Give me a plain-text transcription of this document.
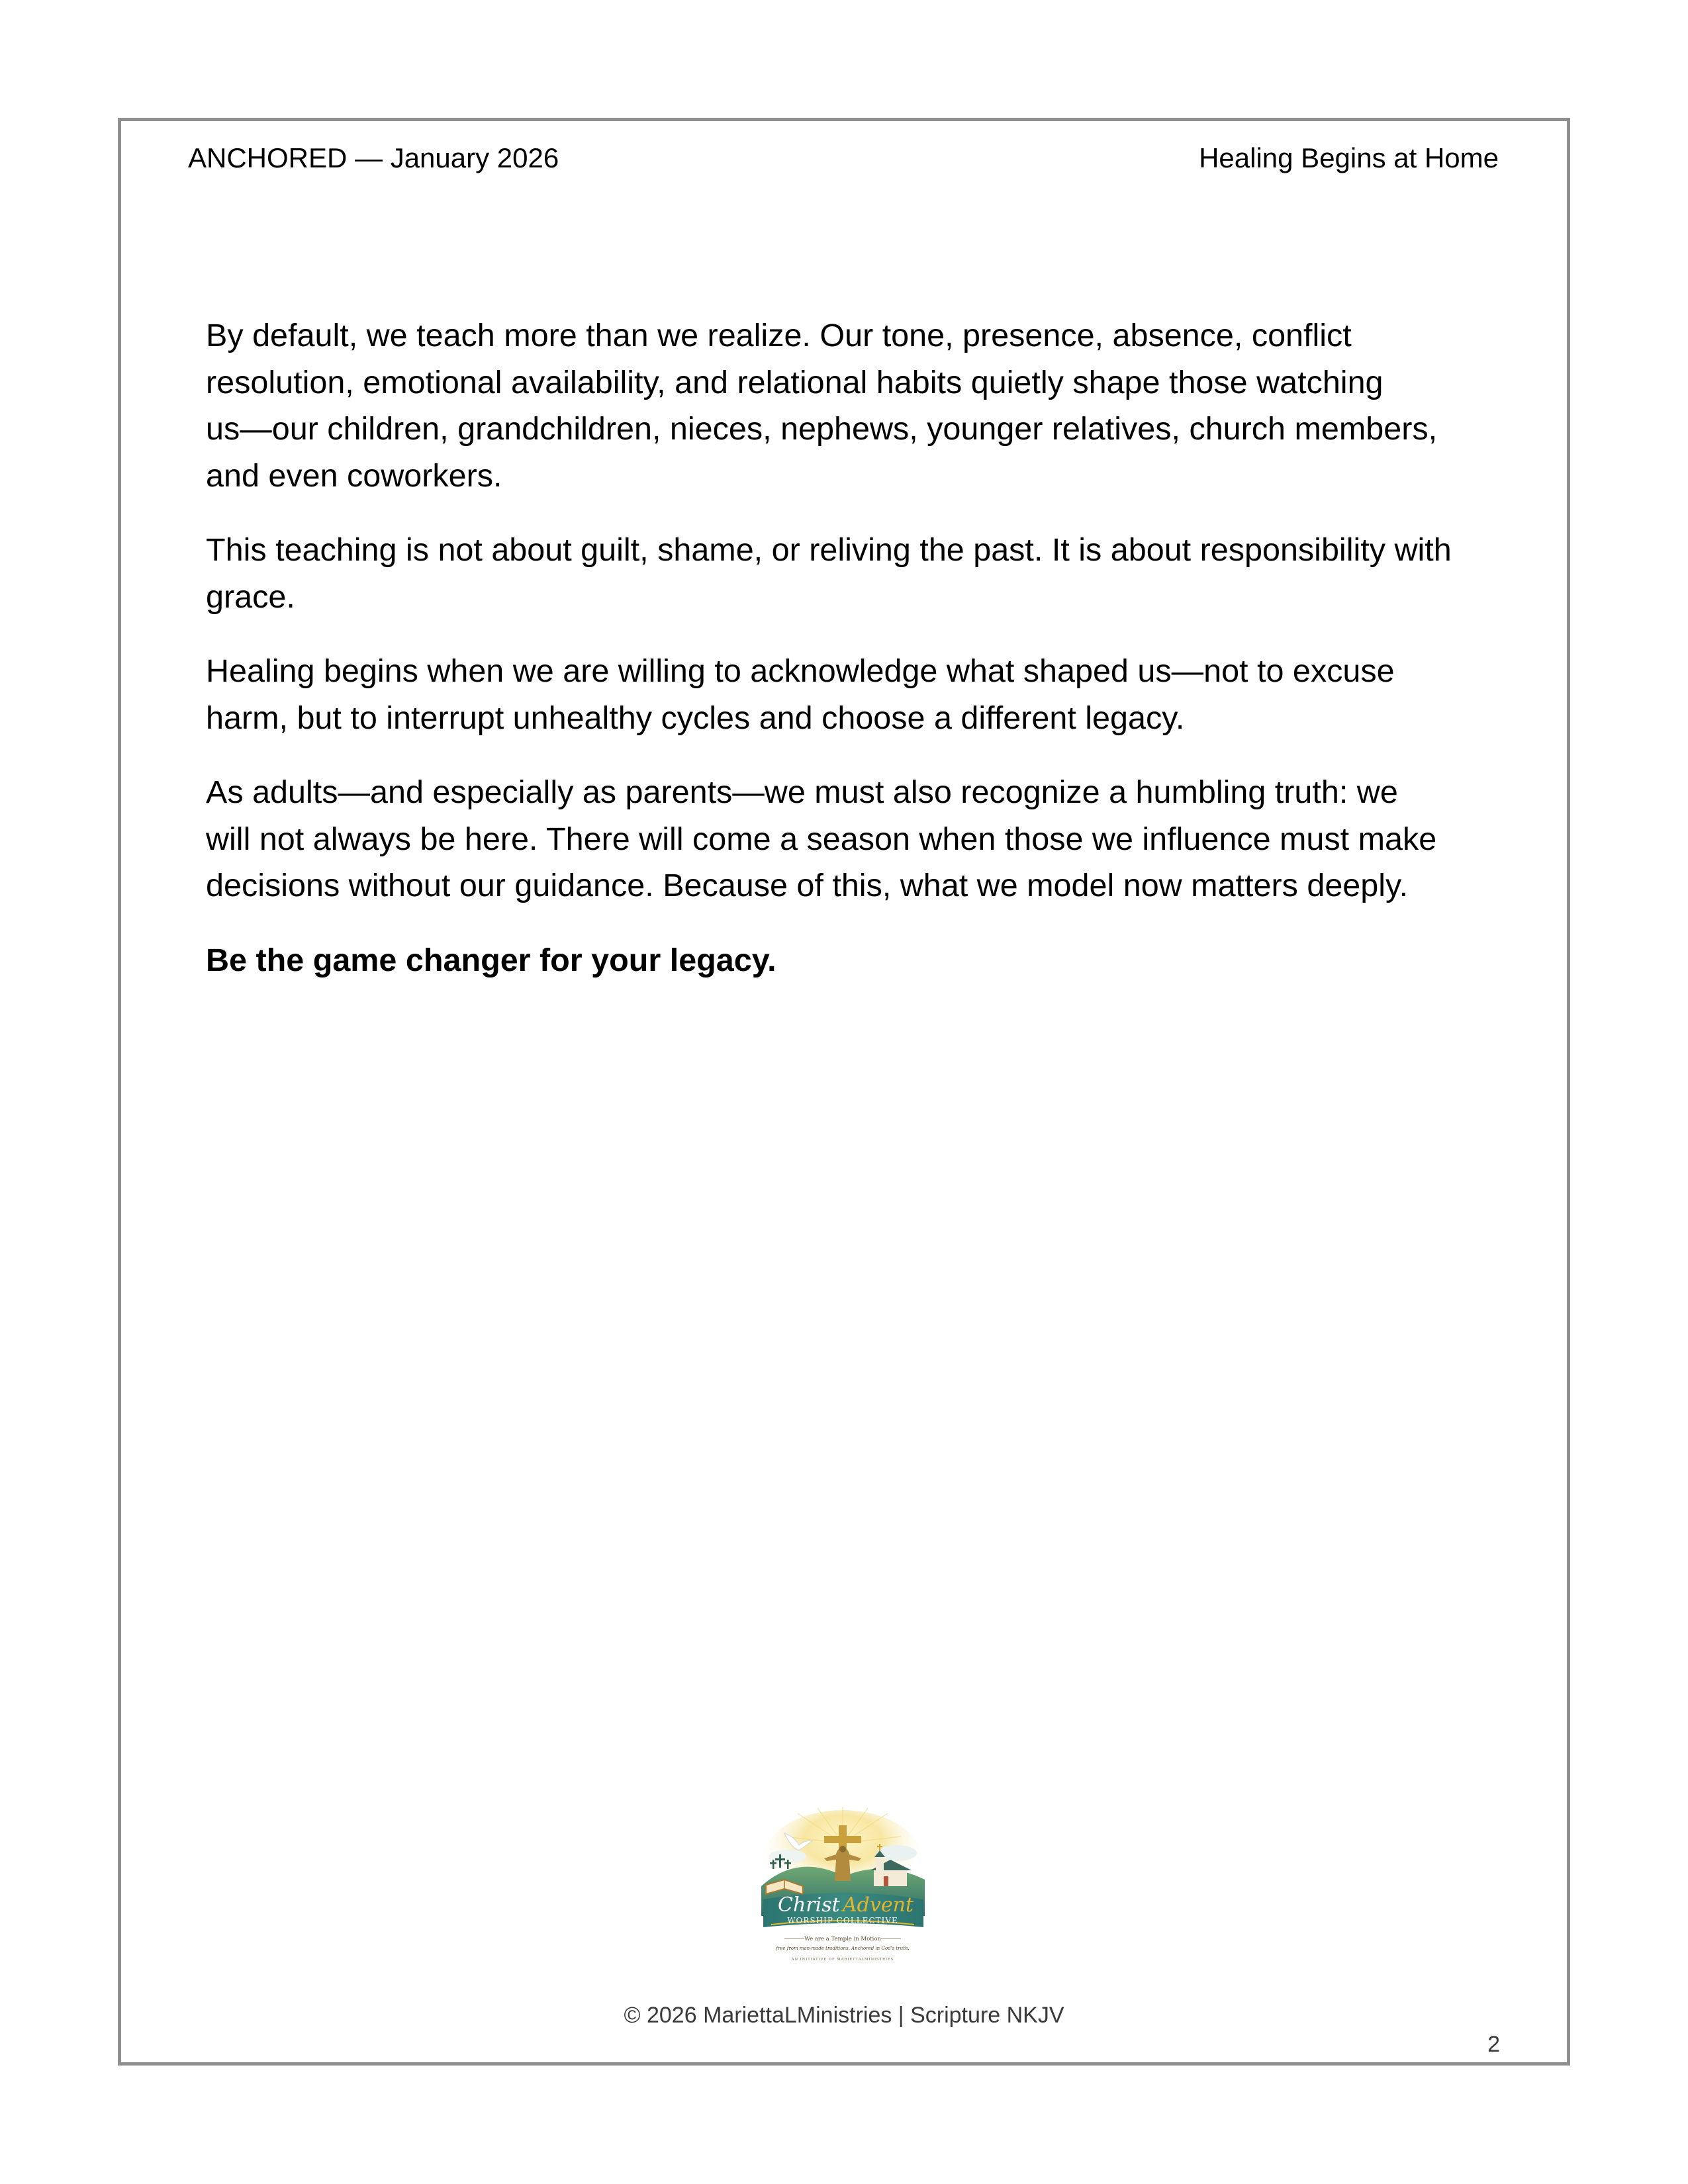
ANCHORED — January 2026	Healing Begins at Home

By default, we teach more than we realize. Our tone, presence, absence, conflict
resolution, emotional availability, and relational habits quietly shape those watching
us—our children, grandchildren, nieces, nephews, younger relatives, church members,
and even coworkers.

This teaching is not about guilt, shame, or reliving the past. It is about responsibility with
grace.

Healing begins when we are willing to acknowledge what shaped us—not to excuse
harm, but to interrupt unhealthy cycles and choose a different legacy.

As adults—and especially as parents—we must also recognize a humbling truth: we
will not always be here. There will come a season when those we influence must make
decisions without our guidance. Because of this, what we model now matters deeply.

Be the game changer for your legacy.

Christ Advent
WORSHIP COLLECTIVE
We are a Temple in Motion
free from man-made traditions, Anchored in God's truth.
AN INITIATIVE OF MARIETTALMINISTRIES
© 2026 MariettaLMinistries | Scripture NKJV
2
